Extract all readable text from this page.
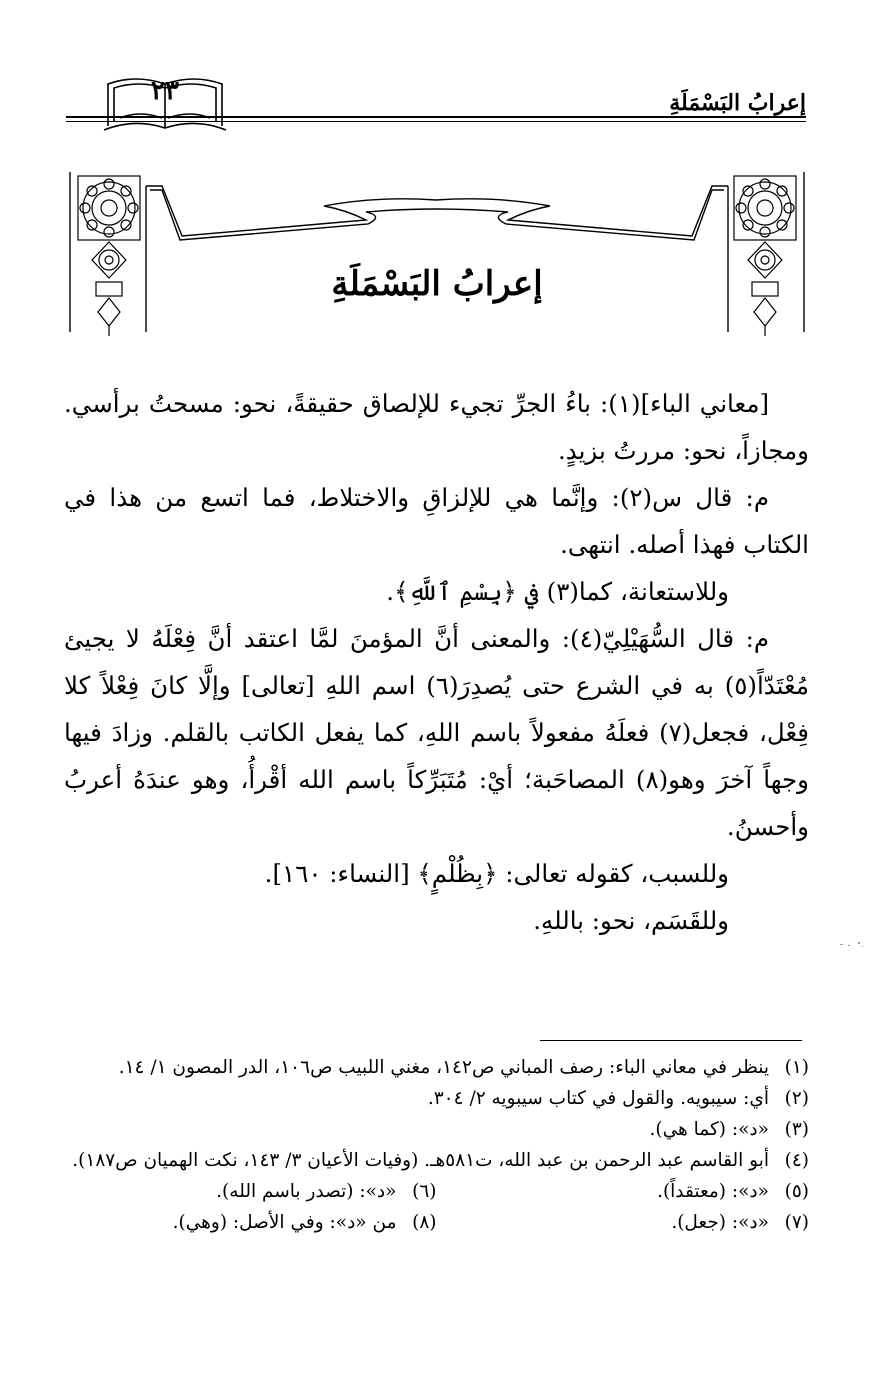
إعرابُ البَسْمَلَةِ
٢٣
إعرابُ البَسْمَلَةِ

[معاني الباء](١): باءُ الجرِّ تجيء للإلصاق حقيقةً، نحو: مسحتُ برأسي. ومجازاً، نحو: مررتُ بزيدٍ.

م: قال س(٢): وإنَّما هي للإلزاقِ والاختلاط، فما اتسع من هذا في الكتاب فهذا أصله. انتهى.

وللاستعانة، كما(٣) في ﴿بِسْمِ ٱللَّهِ﴾.

م: قال السُّهَيْلِيّ(٤): والمعنى أنَّ المؤمنَ لمَّا اعتقد أنَّ فِعْلَهُ لا يجيئ مُعْتَدّاً(٥) به في الشرع حتى يُصدِرَ(٦) اسم اللهِ [تعالى] وإلَّا كانَ فِعْلاً كلا فِعْل، فجعل(٧) فعلَهُ مفعولاً باسم اللهِ، كما يفعل الكاتب بالقلم. وزادَ فيها وجهاً آخرَ وهو(٨) المصاحَبة؛ أيْ: مُتَبَرِّكاً باسم الله أقْرأُ، وهو عندَهُ أعربُ وأحسنُ.

وللسبب، كقوله تعالى: ﴿بِظُلْمٍ﴾ [النساء: ١٦٠].

وللقَسَم، نحو: باللهِ.

(١)
ينظر في معاني الباء: رصف المباني ص١٤٢، مغني اللبيب ص١٠٦، الدر المصون ١/ ١٤.
(٢)
أي: سيبويه. والقول في كتاب سيبويه ٢/ ٣٠٤.
(٣)
«د»: (كما هي).
(٤)
أبو القاسم عبد الرحمن بن عبد الله، ت٥٨١هـ. (وفيات الأعيان ٣/ ١٤٣، نكت الهميان ص١٨٧).
(٥)
«د»: (معتقداً).
(٦)
«د»: (تصدر باسم الله).
(٧)
«د»: (جعل).
(٨)
من «د»: وفي الأصل: (وهي).
